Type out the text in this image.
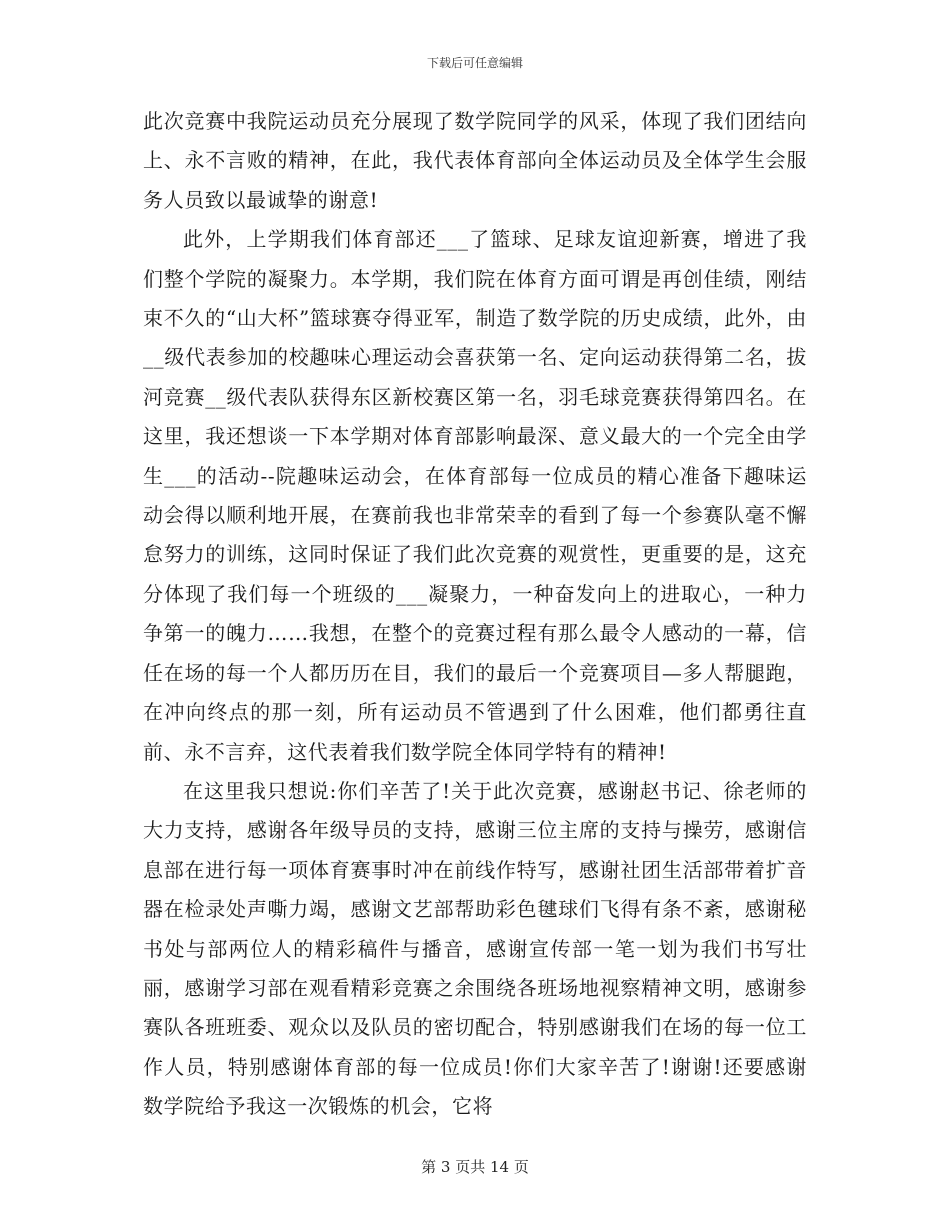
下载后可任意编辑

此次竞赛中我院运动员充分展现了数学院同学的风采，体现了我们团结向上、永不言败的精神，在此，我代表体育部向全体运动员及全体学生会服务人员致以最诚挚的谢意!

此外，上学期我们体育部还___了篮球、足球友谊迎新赛，增进了我们整个学院的凝聚力。本学期，我们院在体育方面可谓是再创佳绩，刚结束不久的“山大杯”篮球赛夺得亚军，制造了数学院的历史成绩，此外，由__级代表参加的校趣味心理运动会喜获第一名、定向运动获得第二名，拔河竞赛__级代表队获得东区新校赛区第一名，羽毛球竞赛获得第四名。在这里，我还想谈一下本学期对体育部影响最深、意义最大的一个完全由学生___的活动--院趣味运动会，在体育部每一位成员的精心准备下趣味运动会得以顺利地开展，在赛前我也非常荣幸的看到了每一个参赛队毫不懈怠努力的训练，这同时保证了我们此次竞赛的观赏性，更重要的是，这充分体现了我们每一个班级的___凝聚力，一种奋发向上的进取心，一种力争第一的魄力……我想，在整个的竞赛过程有那么最令人感动的一幕，信任在场的每一个人都历历在目，我们的最后一个竞赛项目—多人帮腿跑，在冲向终点的那一刻，所有运动员不管遇到了什么困难，他们都勇往直前、永不言弃，这代表着我们数学院全体同学特有的精神!

在这里我只想说:你们辛苦了!关于此次竞赛，感谢赵书记、徐老师的大力支持，感谢各年级导员的支持，感谢三位主席的支持与操劳，感谢信息部在进行每一项体育赛事时冲在前线作特写，感谢社团生活部带着扩音器在检录处声嘶力竭，感谢文艺部帮助彩色毽球们飞得有条不紊，感谢秘书处与部两位人的精彩稿件与播音，感谢宣传部一笔一划为我们书写壮丽，感谢学习部在观看精彩竞赛之余围绕各班场地视察精神文明，感谢参赛队各班班委、观众以及队员的密切配合，特别感谢我们在场的每一位工作人员，特别感谢体育部的每一位成员!你们大家辛苦了!谢谢!还要感谢数学院给予我这一次锻炼的机会，它将

第 3 页共 14 页
